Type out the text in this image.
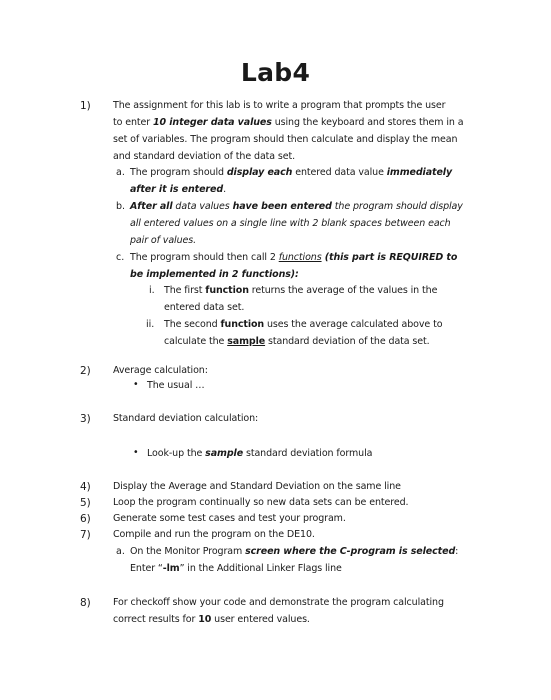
Lab4
1) The assignment for this lab is to write a program that prompts the user
to enter 10 integer data values using the keyboard and stores them in a
set of variables. The program should then calculate and display the mean
and standard deviation of the data set.
a. The program should display each entered data value immediately
after it is entered.
b. After all data values have been entered the program should display
all entered values on a single line with 2 blank spaces between each
pair of values.
c. The program should then call 2 functions (this part is REQUIRED to
be implemented in 2 functions):
i. The first function returns the average of the values in the
entered data set.
ii. The second function uses the average calculated above to
calculate the sample standard deviation of the data set.
2) Average calculation:
• The usual …
3) Standard deviation calculation:
• Look-up the sample standard deviation formula
4) Display the Average and Standard Deviation on the same line
5) Loop the program continually so new data sets can be entered.
6) Generate some test cases and test your program.
7) Compile and run the program on the DE10.
a. On the Monitor Program screen where the C-program is selected:
Enter “-lm” in the Additional Linker Flags line
8) For checkoff show your code and demonstrate the program calculating
correct results for 10 user entered values.
